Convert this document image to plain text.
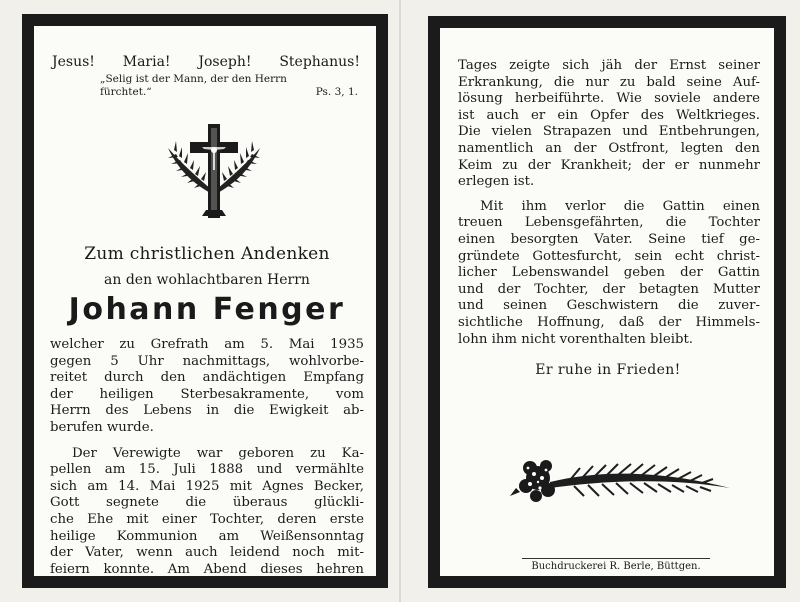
Jesus! Maria! Joseph! Stephanus!
„Selig ist der Mann, der den Herrn
fürchtet.“	Ps. 3, 1.
Zum christlichen Andenken
an den wohlachtbaren Herrn
Johann Fenger
welcher zu Grefrath am 5. Mai 1935
gegen 5 Uhr nachmittags, wohlvorbe-
reitet durch den andächtigen Empfang
der heiligen Sterbesakramente, vom
Herrn des Lebens in die Ewigkeit ab-
berufen wurde.
Der Verewigte war geboren zu Ka-
pellen am 15. Juli 1888 und vermählte
sich am 14. Mai 1925 mit Agnes Becker,
Gott segnete die überaus glückli-
che Ehe mit einer Tochter, deren erste
heilige Kommunion am Weißensonntag
der Vater, wenn auch leidend noch mit-
feiern konnte. Am Abend dieses hehren
Tages zeigte sich jäh der Ernst seiner
Erkrankung, die nur zu bald seine Auf-
lösung herbeiführte. Wie soviele andere
ist auch er ein Opfer des Weltkrieges.
Die vielen Strapazen und Entbehrungen,
namentlich an der Ostfront, legten den
Keim zu der Krankheit; der er nunmehr
erlegen ist.
Mit ihm verlor die Gattin einen
treuen Lebensgefährten, die Tochter
einen besorgten Vater. Seine tief ge-
gründete Gottesfurcht, sein echt christ-
licher Lebenswandel geben der Gattin
und der Tochter, der betagten Mutter
und seinen Geschwistern die zuver-
sichtliche Hoffnung, daß der Himmels-
lohn ihm nicht vorenthalten bleibt.
Er ruhe in Frieden!
Buchdruckerei R. Berle, Büttgen.
